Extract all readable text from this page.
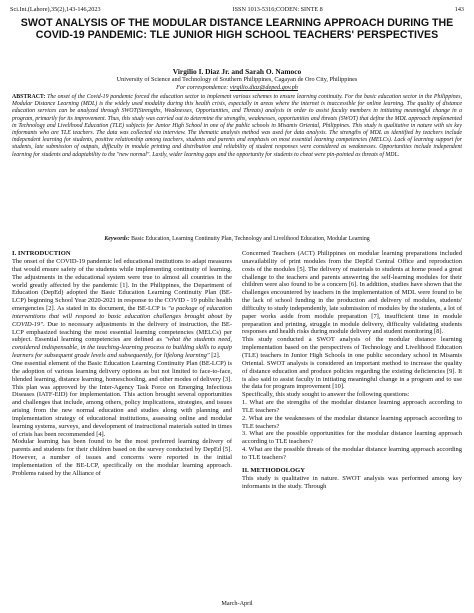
Sci.Int.(Lahore),35(2),143-146,2023	ISSN 1013-5316;CODEN: SINTE 8	143
SWOT ANALYSIS OF THE MODULAR DISTANCE LEARNING APPROACH DURING THE COVID-19 PANDEMIC: TLE JUNIOR HIGH SCHOOL TEACHERS' PERSPECTIVES
Virgilio I. Diaz Jr. and Sarah O. Namoco
University of Science and Technology of Southern Philippines, Cagayan de Oro City, Philippines
For correspondence: virgilio.diaz@deped.gov.ph
ABSTRACT: The onset of the Covid-19 pandemic forced the education sector to implement various schemes to ensure learning continuity. For the basic education sector in the Philippines, Modular Distance Learning (MDL) is the widely used modality during this health crisis, especially in areas where the internet is inaccessible for online learning. The quality of distance education services can be analyzed through SWOT(Strengths, Weaknesses, Opportunities, and Threats) analysis in order to assist faculty members in initiating meaningful change in a program, primarily for its improvement. Thus, this study was carried out to determine the strengths, weaknesses, opportunities and threats (SWOT) that define the MDL approach implemented in Technology and Livelihood Education (TLE) subjects for Junior High School in one of the public schools in Misamis Oriental, Philippines. This study is qualitative in nature with six key informants who are TLE teachers. The data was collected via interview. The thematic analysis method was used for data analysis. The strengths of MDL as identified by teachers include independent learning for students, positive relationship among teachers, students and parents and emphasis on most essential learning competencies (MELCs). Lack of learning support for students, late submission of outputs, difficulty in module printing and distribution and reliability of student responses were considered as weaknesses. Opportunities include independent learning for students and adaptability to the "new normal". Lastly, wider learning gaps and the opportunity for students to cheat were pin-pointed as threats of MDL.
Keywords: Basic Education, Learning Continuity Plan, Technology and Livelihood Education, Modular Learning
I. INTRODUCTION

The onset of the COVID-19 pandemic led educational institutions to adapt measures that would ensure safety of the students while implementing continuity of learning. The adjustments in the educational system were true to almost all countries in the world greatly affected by the pandemic [1]. In the Philippines, the Department of Education (DepEd) adopted the Basic Education Learning Continuity Plan (BE-LCP) beginning School Year 2020-2021 in response to the COVID - 19 public health emergencies [2]. As stated in its document, the BE-LCP is "a package of education interventions that will respond to basic education challenges brought about by COVID-19". Due to necessary adjustments in the delivery of instruction, the BE-LCP emphasized teaching the most essential learning competencies (MELCs) per subject. Essential learning competencies are defined as "what the students need, considered indispensable, in the teaching-learning process to building skills to equip learners for subsequent grade levels and subsequently, for lifelong learning" [2].

One essential element of the Basic Education Learning Continuity Plan (BE-LCP) is the adoption of various learning delivery options as but not limited to face-to-face, blended learning, distance learning, homeschooling, and other modes of delivery [3]. This plan was approved by the Inter-Agency Task Force on Emerging Infectious Diseases (IATF-EID) for implementation. This action brought several opportunities and challenges that include, among others, policy implications, strategies, and issues arising from the new normal education and studies along with planning and implementation strategy of educational institutions, assessing online and modular learning systems, surveys, and development of instructional materials suited in times of crisis has been recommended [4].

Modular learning has been found to be the most preferred learning delivery of parents and students for their children based on the survey conducted by DepEd [5]. However, a number of issues and concerns were reported in the initial implementation of the BE-LCP, specifically on the modular learning approach. Problems raised by the Alliance of

Concerned Teachers (ACT) Philippines on modular learning preparations included unavailability of print modules from the DepEd Central Office and reproduction costs of the modules [5]. The delivery of materials to students at home posed a great challenge to the teachers and parents answering the self-learning modules for their children were also found to be a concern [6]. In addition, studies have shown that the challenges encountered by teachers in the implementation of MDL were found to be the lack of school funding in the production and delivery of modules, students' difficulty to study independently, late submission of modules by the students, a lot of paper works aside from module preparation [7], insufficient time in module preparation and printing, struggle in module delivery, difficulty validating students responses and health risks during module delivery and student monitoring [8].

This study conducted a SWOT analysis of the modular distance learning implementation based on the perspectives of Technology and Livelihood Education (TLE) teachers in Junior High Schools in one public secondary school in Misamis Oriental. SWOT analysis is considered an important method to increase the quality of distance education and produce policies regarding the existing deficiencies [9]. It is also said to assist faculty in initiating meaningful change in a program and to use the data for program improvement [10].

Specifically, this study sought to answer the following questions:

1. What are the strengths of the modular distance learning approach according to TLE teachers?

2. What are the weaknesses of the modular distance learning approach according to TLE teachers?

3. What are the possible opportunities for the modular distance learning approach according to TLE teachers?

4. What are the possible threats of the modular distance learning approach according to TLE teachers?

II. METHODOLOGY

This study is qualitative in nature. SWOT analysis was performed among key informants in the study. Through

March-April
